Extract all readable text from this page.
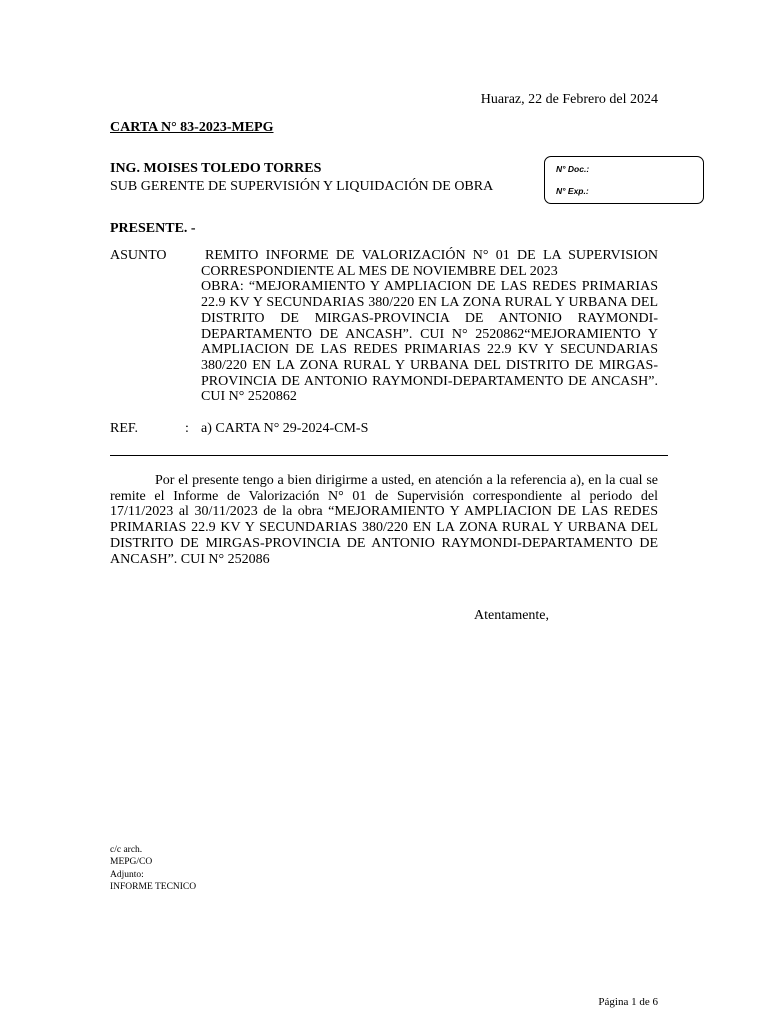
Huaraz, 22 de Febrero del 2024
CARTA N° 83-2023-MEPG
ING. MOISES TOLEDO TORRES
SUB GERENTE DE SUPERVISIÓN Y LIQUIDACIÓN DE OBRA
N° Doc.:
N° Exp.:
PRESENTE. -
ASUNTO	REMITO INFORME DE VALORIZACIÓN N° 01 DE LA SUPERVISION CORRESPONDIENTE AL MES DE NOVIEMBRE DEL 2023

OBRA: “MEJORAMIENTO Y AMPLIACION DE LAS REDES PRIMARIAS 22.9 KV Y SECUNDARIAS 380/220 EN LA ZONA RURAL Y URBANA DEL DISTRITO DE MIRGAS-PROVINCIA DE ANTONIO RAYMONDI-DEPARTAMENTO DE ANCASH”. CUI N° 2520862“MEJORAMIENTO Y AMPLIACION DE LAS REDES PRIMARIAS 22.9 KV Y SECUNDARIAS 380/220 EN LA ZONA RURAL Y URBANA DEL DISTRITO DE MIRGAS-PROVINCIA DE ANTONIO RAYMONDI-DEPARTAMENTO DE ANCASH”. CUI N° 2520862

REF.	: a) CARTA N° 29-2024-CM-S

Por el presente tengo a bien dirigirme a usted, en atención a la referencia a), en la cual se remite el Informe de Valorización N° 01 de Supervisión correspondiente al periodo del 17/11/2023 al 30/11/2023 de la obra “MEJORAMIENTO Y AMPLIACION DE LAS REDES PRIMARIAS 22.9 KV Y SECUNDARIAS 380/220 EN LA ZONA RURAL Y URBANA DEL DISTRITO DE MIRGAS-PROVINCIA DE ANTONIO RAYMONDI-DEPARTAMENTO DE ANCASH”. CUI N° 252086

Atentamente,
c/c arch.
MEPG/CO
Adjunto:
INFORME TECNICO
Página 1 de 6
